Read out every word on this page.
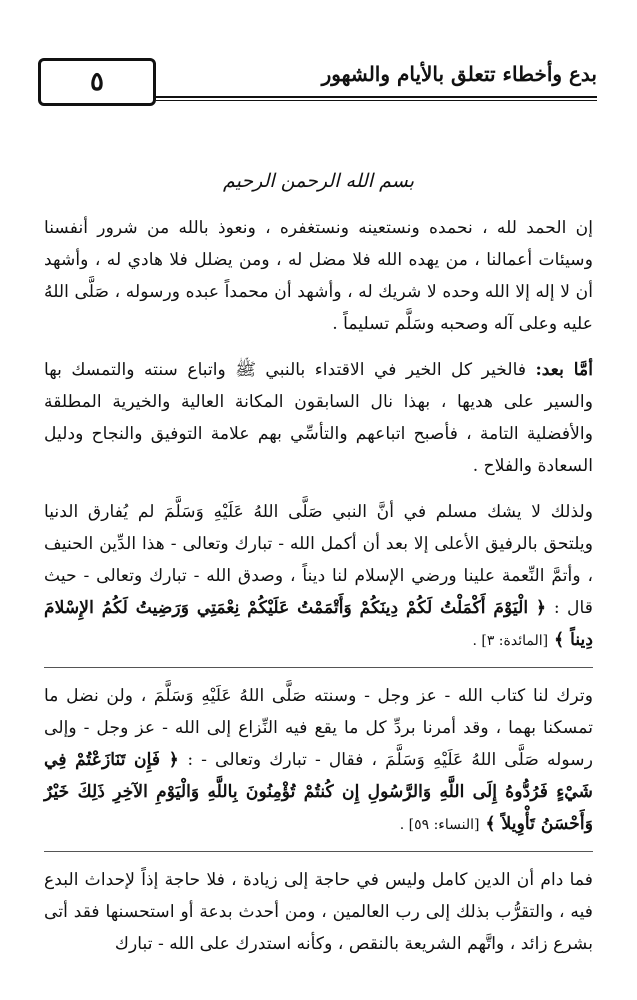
٥	بدع وأخطاء تتعلق بالأيام والشهور
بسم الله الرحمن الرحيم

إن الحمد لله ، نحمده ونستعينه ونستغفره ، ونعوذ بالله من شرور أنفسنا وسيئات أعمالنا ، من يهده الله فلا مضل له ، ومن يضلل فلا هادي له ، وأشهد أن لا إله إلا الله وحده لا شريك له ، وأشهد أن محمداً عبده ورسوله ، صَلَّى اللهُ عليه وعلى آله وصحبه وسَلَّم تسليماً .

أمَّا بعد: فالخير كل الخير في الاقتداء بالنبي ﷺ واتباع سنته والتمسك بها والسير على هديها ، بهذا نال السابقون المكانة العالية والخيرية المطلقة والأفضلية التامة ، فأصبح اتباعهم والتأسِّي بهم علامة التوفيق والنجاح ودليل السعادة والفلاح .

ولذلك لا يشك مسلم في أنَّ النبي صَلَّى اللهُ عَلَيْهِ وَسَلَّمَ لم يُفارق الدنيا ويلتحق بالرفيق الأعلى إلا بعد أن أكمل الله - تبارك وتعالى - هذا الدِّين الحنيف ، وأتمَّ النِّعمة علينا ورضي الإسلام لنا ديناً ، وصدق الله - تبارك وتعالى - حيث قال : ﴿ الْيَوْمَ أَكْمَلْتُ لَكُمْ دِينَكُمْ وَأَتْمَمْتُ عَلَيْكُمْ نِعْمَتِي وَرَضِيتُ لَكُمُ الإِسْلامَ دِيناً ﴾ [المائدة: ٣] .

وترك لنا كتاب الله - عز وجل - وسنته صَلَّى اللهُ عَلَيْهِ وَسَلَّمَ ، ولن نضل ما تمسكنا بهما ، وقد أمرنا بردِّ كل ما يقع فيه النِّزاع إلى الله - عز وجل - وإلى رسوله صَلَّى اللهُ عَلَيْهِ وَسَلَّمَ ، فقال - تبارك وتعالى - : ﴿ فَإِن تَنَازَعْتُمْ فِي شَيْءٍ فَرُدُّوهُ إِلَى اللَّهِ وَالرَّسُولِ إِن كُنتُمْ تُؤْمِنُونَ بِاللَّهِ وَالْيَوْمِ الآخِرِ ذَلِكَ خَيْرٌ وَأَحْسَنُ تَأْوِيلاً ﴾ [النساء: ٥٩] .

فما دام أن الدين كامل وليس في حاجة إلى زيادة ، فلا حاجة إذاً لإحداث البدع فيه ، والتقرُّب بذلك إلى رب العالمين ، ومن أحدث بدعة أو استحسنها فقد أتى بشرع زائد ، واتَّهم الشريعة بالنقص ، وكأنه استدرك على الله - تبارك
